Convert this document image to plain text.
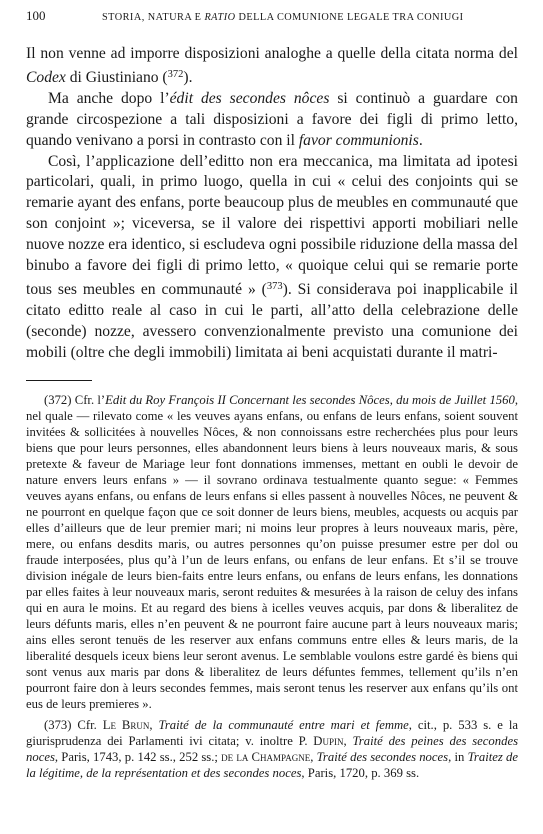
100	STORIA, NATURA E RATIO DELLA COMUNIONE LEGALE TRA CONIUGI

Il non venne ad imporre disposizioni analoghe a quelle della citata norma del Codex di Giustiniano ($^{372}$).

Ma anche dopo l’édit des secondes nôces si continuò a guardare con grande circospezione a tali disposizioni a favore dei figli di primo letto, quando venivano a porsi in contrasto con il favor communionis.

Così, l’applicazione dell’editto non era meccanica, ma limitata ad ipotesi particolari, quali, in primo luogo, quella in cui « celui des conjoints qui se remarie ayant des enfans, porte beaucoup plus de meubles en communauté que son conjoint »; viceversa, se il valore dei rispettivi apporti mobiliari nelle nuove nozze era identico, si escludeva ogni possibile riduzione della massa del binubo a favore dei figli di primo letto, « quoique celui qui se remarie porte tous ses meubles en communauté » ($^{373}$). Si considerava poi inapplicabile il citato editto reale al caso in cui le parti, all’atto della celebrazione delle (seconde) nozze, avessero convenzionalmente previsto una comunione dei mobili (oltre che degli immobili) limitata ai beni acquistati durante il matri-

(372) Cfr. l’Edit du Roy François II Concernant les secondes Nôces, du mois de Juillet 1560, nel quale — rilevato come « les veuves ayans enfans, ou enfans de leurs enfans, soient souvent invitées & sollicitées à nouvelles Nôces, & non connoissans estre recherchées plus pour leurs biens que pour leurs personnes, elles abandonnent leurs biens à leurs nouveaux maris, & sous pretexte & faveur de Mariage leur font donnations immenses, mettant en oubli le devoir de nature envers leurs enfans » — il sovrano ordinava testualmente quanto segue: « Femmes veuves ayans enfans, ou enfans de leurs enfans si elles passent à nouvelles Nôces, ne peuvent & ne pourront en quelque façon que ce soit donner de leurs biens, meubles, acquests ou acquis par elles d’ailleurs que de leur premier mari; ni moins leur propres à leurs nouveaux maris, père, mere, ou enfans desdits maris, ou autres personnes qu’on puisse presumer estre per dol ou fraude interposées, plus qu’à l’un de leurs enfans, ou enfans de leur enfans. Et s’il se trouve division inégale de leurs bien-faits entre leurs enfans, ou enfans de leurs enfans, les donnations par elles faites à leur nouveaux maris, seront reduites & mesurées à la raison de celuy des infans qui en aura le moins. Et au regard des biens à icelles veuves acquis, par dons & liberalitez de leurs défunts maris, elles n’en peuvent & ne pourront faire aucune part à leurs nouveaux maris; ains elles seront tenuës de les reserver aux enfans communs entre elles & leurs maris, de la liberalité desquels iceux biens leur seront avenus. Le semblable voulons estre gardé ès biens qui sont venus aux maris par dons & liberalitez de leurs défuntes femmes, tellement qu’ils n’en pourront faire don à leurs secondes femmes, mais seront tenus les reserver aux enfans qu’ils ont eus de leurs premieres ».

(373) Cfr. Le Brun, Traité de la communauté entre mari et femme, cit., p. 533 s. e la giurisprudenza dei Parlamenti ivi citata; v. inoltre P. Dupin, Traité des peines des secondes noces, Paris, 1743, p. 142 ss., 252 ss.; de la Champagne, Traité des secondes noces, in Traitez de la légitime, de la représentation et des secondes noces, Paris, 1720, p. 369 ss.
